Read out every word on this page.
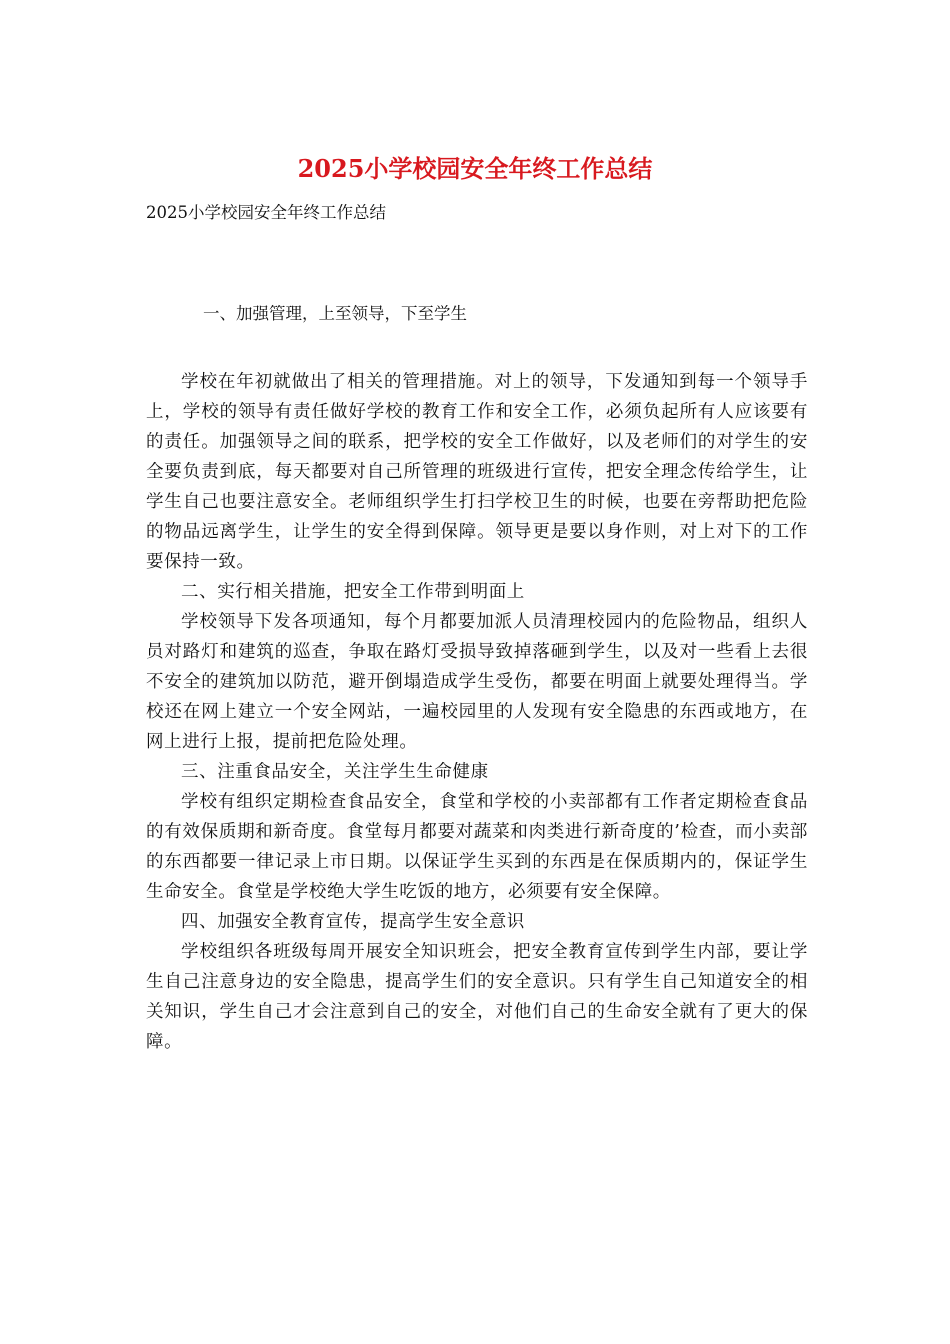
2025小学校园安全年终工作总结
2025小学校园安全年终工作总结
一、加强管理，上至领导，下至学生

学校在年初就做出了相关的管理措施。对上的领导，下发通知到每一个领导手上，学校的领导有责任做好学校的教育工作和安全工作，必须负起所有人应该要有的责任。加强领导之间的联系，把学校的安全工作做好，以及老师们的对学生的安全要负责到底，每天都要对自己所管理的班级进行宣传，把安全理念传给学生，让学生自己也要注意安全。老师组织学生打扫学校卫生的时候，也要在旁帮助把危险的物品远离学生，让学生的安全得到保障。领导更是要以身作则，对上对下的工作要保持一致。

二、实行相关措施，把安全工作带到明面上

学校领导下发各项通知，每个月都要加派人员清理校园内的危险物品，组织人员对路灯和建筑的巡查，争取在路灯受损导致掉落砸到学生，以及对一些看上去很不安全的建筑加以防范，避开倒塌造成学生受伤，都要在明面上就要处理得当。学校还在网上建立一个安全网站，一遍校园里的人发现有安全隐患的东西或地方，在网上进行上报，提前把危险处理。

三、注重食品安全，关注学生生命健康

学校有组织定期检查食品安全，食堂和学校的小卖部都有工作者定期检查食品的有效保质期和新奇度。食堂每月都要对蔬菜和肉类进行新奇度的’检查，而小卖部的东西都要一律记录上市日期。以保证学生买到的东西是在保质期内的，保证学生生命安全。食堂是学校绝大学生吃饭的地方，必须要有安全保障。

四、加强安全教育宣传，提高学生安全意识

学校组织各班级每周开展安全知识班会，把安全教育宣传到学生内部，要让学生自己注意身边的安全隐患，提高学生们的安全意识。只有学生自己知道安全的相关知识，学生自己才会注意到自己的安全，对他们自己的生命安全就有了更大的保障。
